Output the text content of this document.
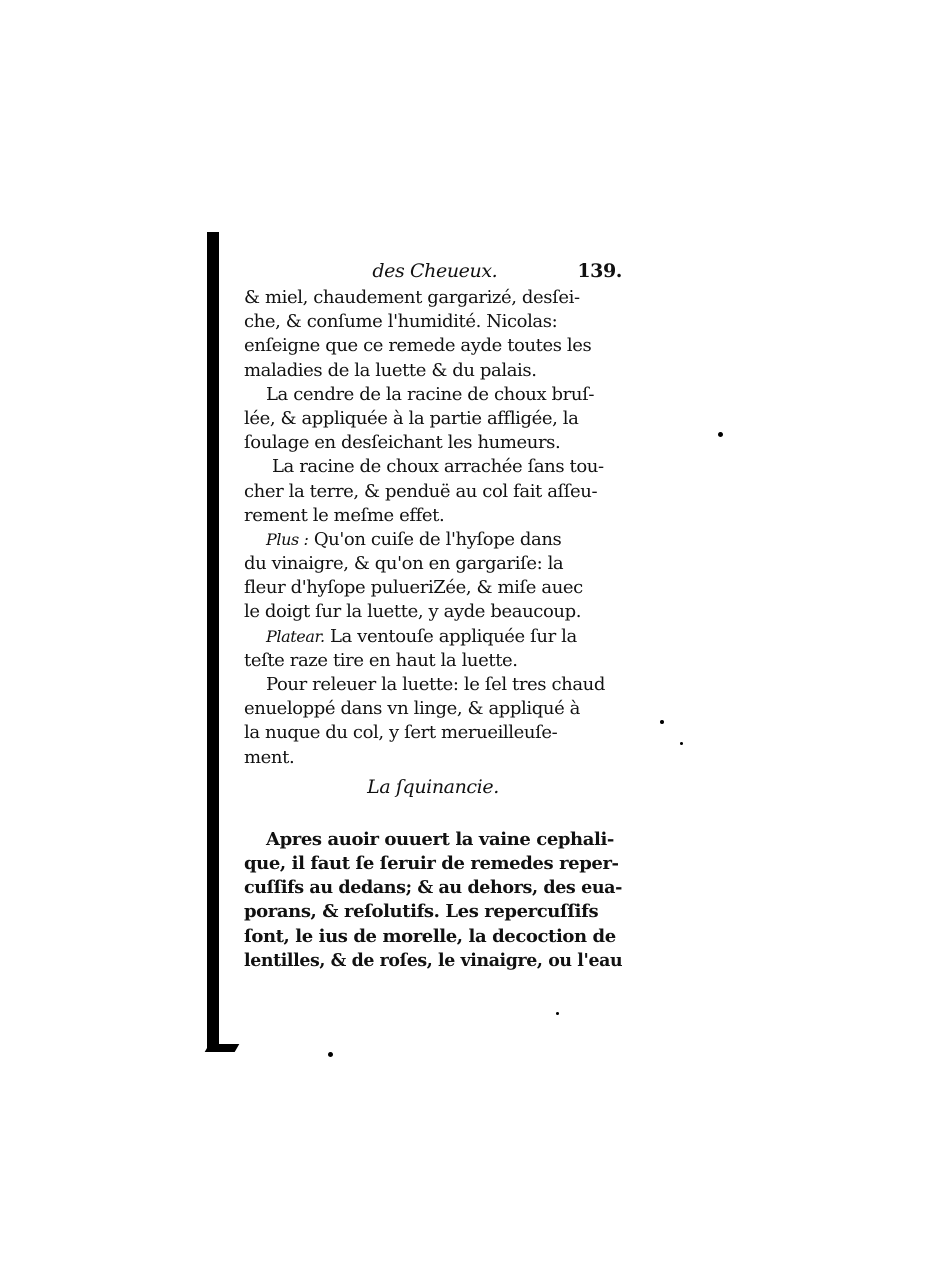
des Cheueux.	139.
& miel, chaudement gargarizé, desſei-
che, & conſume l'humidité. Nicolas:
enſeigne que ce remede ayde toutes les
maladies de la luette & du palais.
La cendre de la racine de choux bruſ-
lée, & appliquée à la partie affligée, la
ſoulage en desſeichant les humeurs.
La racine de choux arrachée ſans tou-
cher la terre, & penduë au col fait aſſeu-
rement le meſme effet.
Plus : Qu'on cuiſe de l'hyſope dans
du vinaigre, & qu'on en gargariſe: la
fleur d'hyſope pulueriZée, & miſe auec
le doigt ſur la luette, y ayde beaucoup.
Platear. La ventouſe appliquée ſur la
teſte raze tire en haut la luette.
Pour releuer la luette: le ſel tres chaud
enueloppé dans vn linge, & appliqué à
la nuque du col, y ſert merueilleuſe-
ment.
La ſquinancie.
Apres auoir ouuert la vaine cephali-
que, il faut ſe ſeruir de remedes reper-
cuſſifs au dedans; & au dehors, des eua-
porans, & reſolutifs. Les repercuſſifs
ſont, le ius de morelle, la decoction de
lentilles, & de roſes, le vinaigre, ou l'eau
